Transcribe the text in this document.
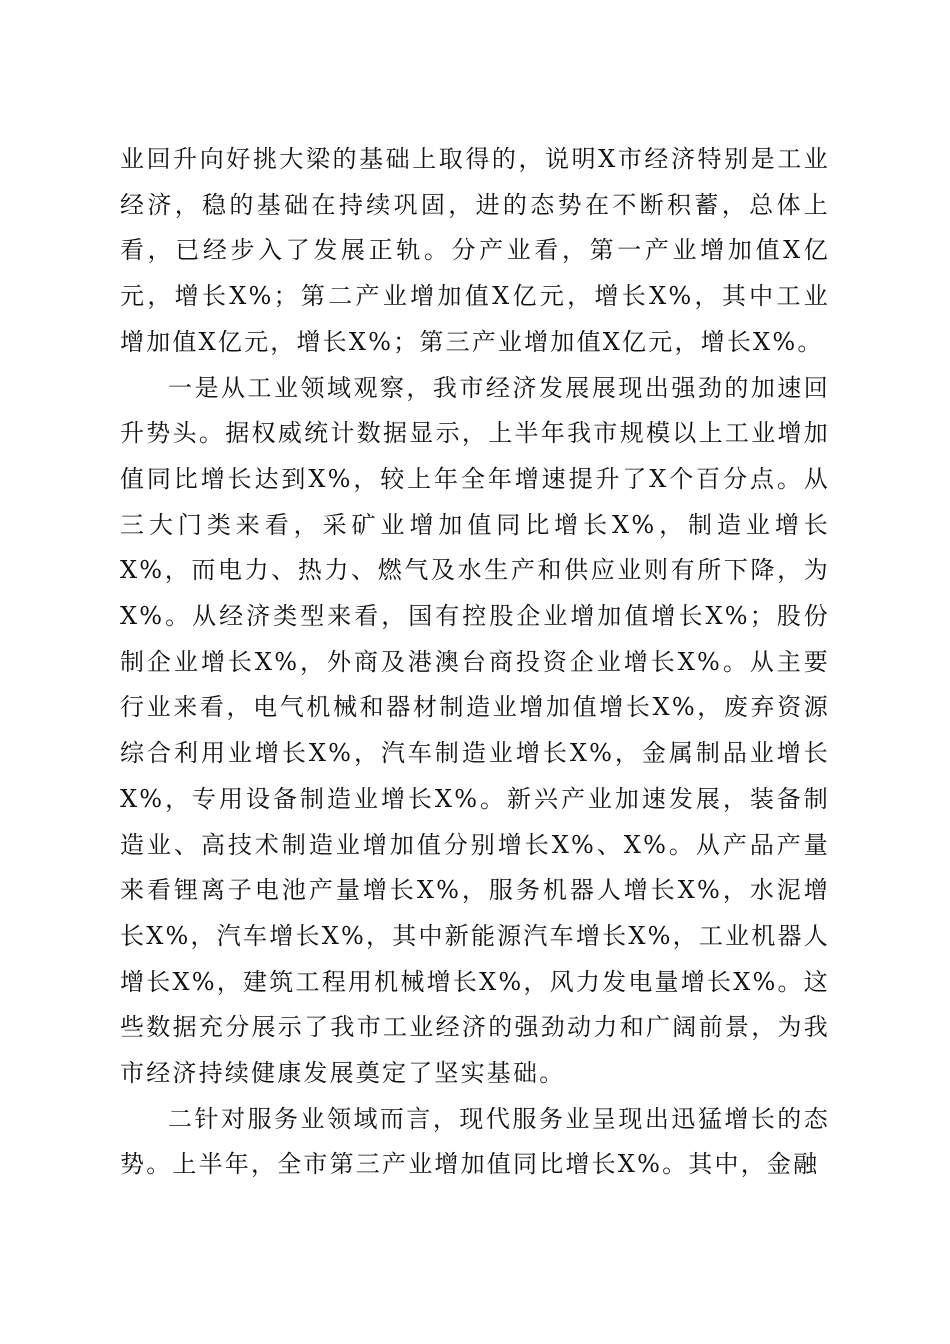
业回升向好挑大梁的基础上取得的，说明X市经济特别是工业经济，稳的基础在持续巩固，进的态势在不断积蓄，总体上看，已经步入了发展正轨。分产业看，第一产业增加值X亿元，增长X%；第二产业增加值X亿元，增长X%，其中工业增加值X亿元，增长X%；第三产业增加值X亿元，增长X%。

一是从工业领域观察，我市经济发展展现出强劲的加速回升势头。据权威统计数据显示，上半年我市规模以上工业增加值同比增长达到X%，较上年全年增速提升了X个百分点。从三大门类来看，采矿业增加值同比增长X%，制造业增长X%，而电力、热力、燃气及水生产和供应业则有所下降，为X%。从经济类型来看，国有控股企业增加值增长X%；股份制企业增长X%，外商及港澳台商投资企业增长X%。从主要行业来看，电气机械和器材制造业增加值增长X%，废弃资源综合利用业增长X%，汽车制造业增长X%，金属制品业增长X%，专用设备制造业增长X%。新兴产业加速发展，装备制造业、高技术制造业增加值分别增长X%、X%。从产品产量来看锂离子电池产量增长X%，服务机器人增长X%，水泥增长X%，汽车增长X%，其中新能源汽车增长X%，工业机器人增长X%，建筑工程用机械增长X%，风力发电量增长X%。这些数据充分展示了我市工业经济的强劲动力和广阔前景，为我市经济持续健康发展奠定了坚实基础。

二针对服务业领域而言，现代服务业呈现出迅猛增长的态势。上半年，全市第三产业增加值同比增长X%。其中，金融
